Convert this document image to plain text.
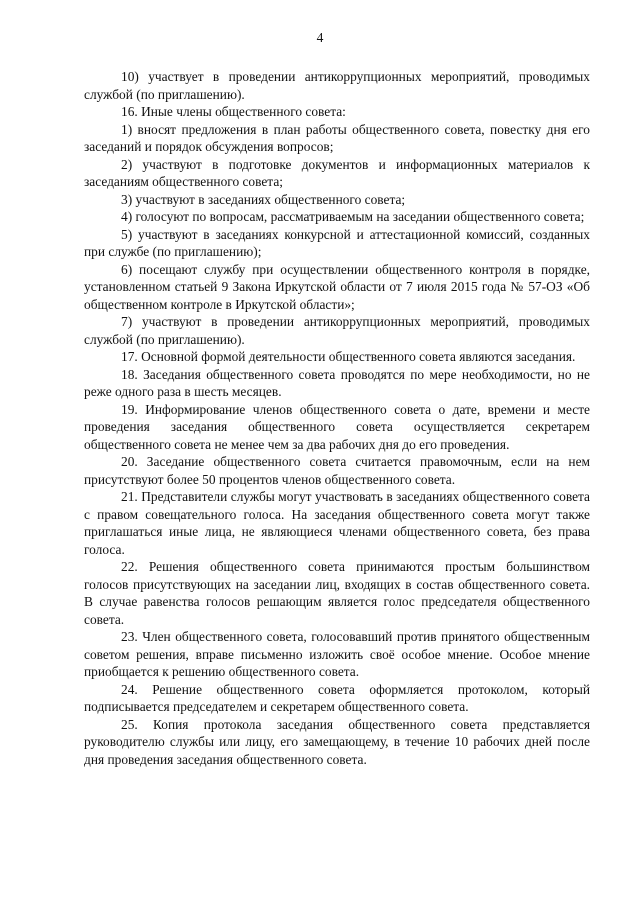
4

10) участвует в проведении антикоррупционных мероприятий, проводимых службой (по приглашению).

16. Иные члены общественного совета:

1) вносят предложения в план работы общественного совета, повестку дня его заседаний и порядок обсуждения вопросов;

2) участвуют в подготовке документов и информационных материалов к заседаниям общественного совета;

3) участвуют в заседаниях общественного совета;

4) голосуют по вопросам, рассматриваемым на заседании общественного совета;

5) участвуют в заседаниях конкурсной и аттестационной комиссий, созданных при службе (по приглашению);

6) посещают службу при осуществлении общественного контроля в порядке, установленном статьей 9 Закона Иркутской области от 7 июля 2015 года № 57-ОЗ «Об общественном контроле в Иркутской области»;

7) участвуют в проведении антикоррупционных мероприятий, проводимых службой (по приглашению).

17. Основной формой деятельности общественного совета являются заседания.

18. Заседания общественного совета проводятся по мере необходимости, но не реже одного раза в шесть месяцев.

19. Информирование членов общественного совета о дате, времени и месте проведения заседания общественного совета осуществляется секретарем общественного совета не менее чем за два рабочих дня до его проведения.

20. Заседание общественного совета считается правомочным, если на нем присутствуют более 50 процентов членов общественного совета.

21. Представители службы могут участвовать в заседаниях общественного совета с правом совещательного голоса. На заседания общественного совета могут также приглашаться иные лица, не являющиеся членами общественного совета, без права голоса.

22. Решения общественного совета принимаются простым большинством голосов присутствующих на заседании лиц, входящих в состав общественного совета. В случае равенства голосов решающим является голос председателя общественного совета.

23. Член общественного совета, голосовавший против принятого общественным советом решения, вправе письменно изложить своё особое мнение. Особое мнение приобщается к решению общественного совета.

24. Решение общественного совета оформляется протоколом, который подписывается председателем и секретарем общественного совета.

25. Копия протокола заседания общественного совета представляется руководителю службы или лицу, его замещающему, в течение 10 рабочих дней после дня проведения заседания общественного совета.
